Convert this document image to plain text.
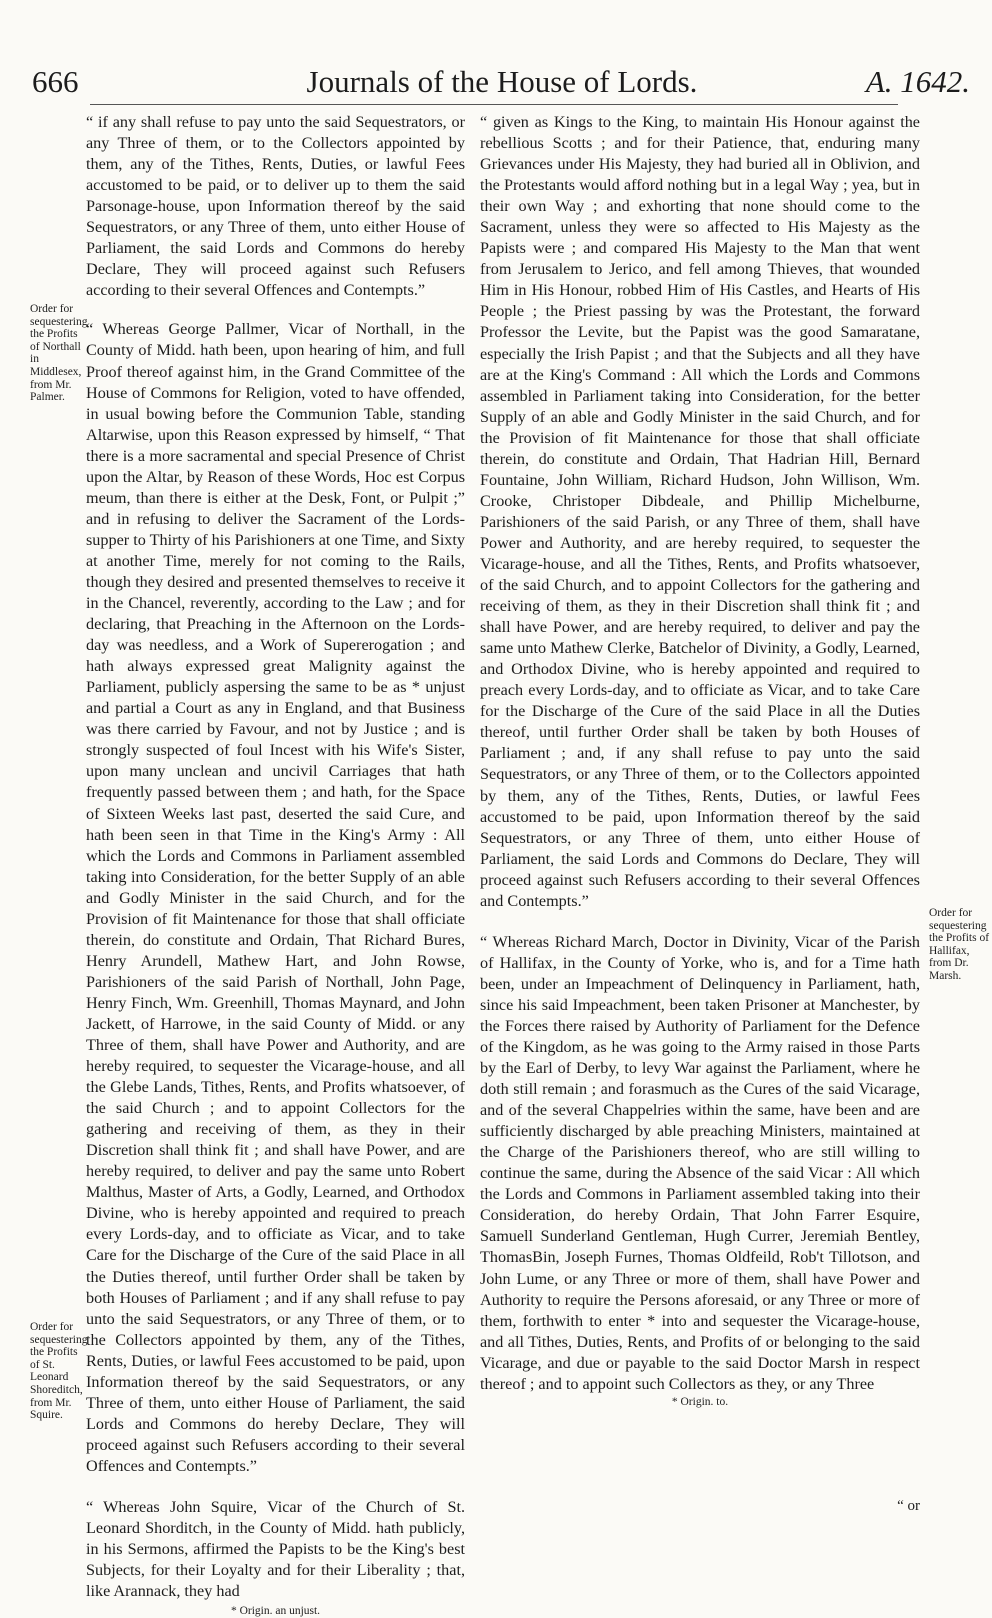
666	Journals of the House of Lords.	A. 1642.
Order for sequestering the Profits of Northall in Middlesex, from Mr. Palmer.
Order for sequestering the Profits of St. Leonard Shoreditch, from Mr. Squire.
Order for sequestering the Profits of Hallifax, from Dr. Marsh.

“ if any shall refuse to pay unto the said Sequestrators, or any Three of them, or to the Collectors appointed by them, any of the Tithes, Rents, Duties, or lawful Fees accustomed to be paid, or to deliver up to them the said Parsonage-house, upon Information thereof by the said Sequestrators, or any Three of them, unto either House of Parliament, the said Lords and Commons do hereby Declare, They will proceed against such Refusers according to their several Offences and Contempts.”

“ Whereas George Pallmer, Vicar of Northall, in the County of Midd. hath been, upon hearing of him, and full Proof thereof against him, in the Grand Committee of the House of Commons for Religion, voted to have offended, in usual bowing before the Communion Table, standing Altarwise, upon this Reason expressed by himself, “ That there is a more sacramental and special Presence of Christ upon the Altar, by Reason of these Words, Hoc est Corpus meum, than there is either at the Desk, Font, or Pulpit ;” and in refusing to deliver the Sacrament of the Lords-supper to Thirty of his Parishioners at one Time, and Sixty at another Time, merely for not coming to the Rails, though they desired and presented themselves to receive it in the Chancel, reverently, according to the Law ; and for declaring, that Preaching in the Afternoon on the Lords-day was needless, and a Work of Supererogation ; and hath always expressed great Malignity against the Parliament, publicly aspersing the same to be as * unjust and partial a Court as any in England, and that Business was there carried by Favour, and not by Justice ; and is strongly suspected of foul Incest with his Wife's Sister, upon many unclean and uncivil Carriages that hath frequently passed between them ; and hath, for the Space of Sixteen Weeks last past, deserted the said Cure, and hath been seen in that Time in the King's Army : All which the Lords and Commons in Parliament assembled taking into Consideration, for the better Supply of an able and Godly Minister in the said Church, and for the Provision of fit Maintenance for those that shall officiate therein, do constitute and Ordain, That Richard Bures, Henry Arundell, Mathew Hart, and John Rowse, Parishioners of the said Parish of Northall, John Page, Henry Finch, Wm. Greenhill, Thomas Maynard, and John Jackett, of Harrowe, in the said County of Midd. or any Three of them, shall have Power and Authority, and are hereby required, to sequester the Vicarage-house, and all the Glebe Lands, Tithes, Rents, and Profits whatsoever, of the said Church ; and to appoint Collectors for the gathering and receiving of them, as they in their Discretion shall think fit ; and shall have Power, and are hereby required, to deliver and pay the same unto Robert Malthus, Master of Arts, a Godly, Learned, and Orthodox Divine, who is hereby appointed and required to preach every Lords-day, and to officiate as Vicar, and to take Care for the Discharge of the Cure of the said Place in all the Duties thereof, until further Order shall be taken by both Houses of Parliament ; and if any shall refuse to pay unto the said Sequestrators, or any Three of them, or to the Collectors appointed by them, any of the Tithes, Rents, Duties, or lawful Fees accustomed to be paid, upon Information thereof by the said Sequestrators, or any Three of them, unto either House of Parliament, the said Lords and Commons do hereby Declare, They will proceed against such Refusers according to their several Offences and Contempts.”

“ Whereas John Squire, Vicar of the Church of St. Leonard Shorditch, in the County of Midd. hath publicly, in his Sermons, affirmed the Papists to be the King's best Subjects, for their Loyalty and for their Liberality ; that, like Arannack, they had

* Origin. an unjust.

“ given as Kings to the King, to maintain His Honour against the rebellious Scotts ; and for their Patience, that, enduring many Grievances under His Majesty, they had buried all in Oblivion, and the Protestants would afford nothing but in a legal Way ; yea, but in their own Way ; and exhorting that none should come to the Sacrament, unless they were so affected to His Majesty as the Papists were ; and compared His Majesty to the Man that went from Jerusalem to Jerico, and fell among Thieves, that wounded Him in His Honour, robbed Him of His Castles, and Hearts of His People ; the Priest passing by was the Protestant, the forward Professor the Levite, but the Papist was the good Samaratane, especially the Irish Papist ; and that the Subjects and all they have are at the King's Command : All which the Lords and Commons assembled in Parliament taking into Consideration, for the better Supply of an able and Godly Minister in the said Church, and for the Provision of fit Maintenance for those that shall officiate therein, do constitute and Ordain, That Hadrian Hill, Bernard Fountaine, John William, Richard Hudson, John Willison, Wm. Crooke, Christoper Dibdeale, and Phillip Michelburne, Parishioners of the said Parish, or any Three of them, shall have Power and Authority, and are hereby required, to sequester the Vicarage-house, and all the Tithes, Rents, and Profits whatsoever, of the said Church, and to appoint Collectors for the gathering and receiving of them, as they in their Discretion shall think fit ; and shall have Power, and are hereby required, to deliver and pay the same unto Mathew Clerke, Batchelor of Divinity, a Godly, Learned, and Orthodox Divine, who is hereby appointed and required to preach every Lords-day, and to officiate as Vicar, and to take Care for the Discharge of the Cure of the said Place in all the Duties thereof, until further Order shall be taken by both Houses of Parliament ; and, if any shall refuse to pay unto the said Sequestrators, or any Three of them, or to the Collectors appointed by them, any of the Tithes, Rents, Duties, or lawful Fees accustomed to be paid, upon Information thereof by the said Sequestrators, or any Three of them, unto either House of Parliament, the said Lords and Commons do Declare, They will proceed against such Refusers according to their several Offences and Contempts.”

“ Whereas Richard March, Doctor in Divinity, Vicar of the Parish of Hallifax, in the County of Yorke, who is, and for a Time hath been, under an Impeachment of Delinquency in Parliament, hath, since his said Impeachment, been taken Prisoner at Manchester, by the Forces there raised by Authority of Parliament for the Defence of the Kingdom, as he was going to the Army raised in those Parts by the Earl of Derby, to levy War against the Parliament, where he doth still remain ; and forasmuch as the Cures of the said Vicarage, and of the several Chappelries within the same, have been and are sufficiently discharged by able preaching Ministers, maintained at the Charge of the Parishioners thereof, who are still willing to continue the same, during the Absence of the said Vicar : All which the Lords and Commons in Parliament assembled taking into their Consideration, do hereby Ordain, That John Farrer Esquire, Samuell Sunderland Gentleman, Hugh Currer, Jeremiah Bentley, ThomasBin, Joseph Furnes, Thomas Oldfeild, Rob't Tillotson, and John Lume, or any Three or more of them, shall have Power and Authority to require the Persons aforesaid, or any Three or more of them, forthwith to enter * into and sequester the Vicarage-house, and all Tithes, Duties, Rents, and Profits of or belonging to the said Vicarage, and due or payable to the said Doctor Marsh in respect thereof ; and to appoint such Collectors as they, or any Three

* Origin. to.
“ or
